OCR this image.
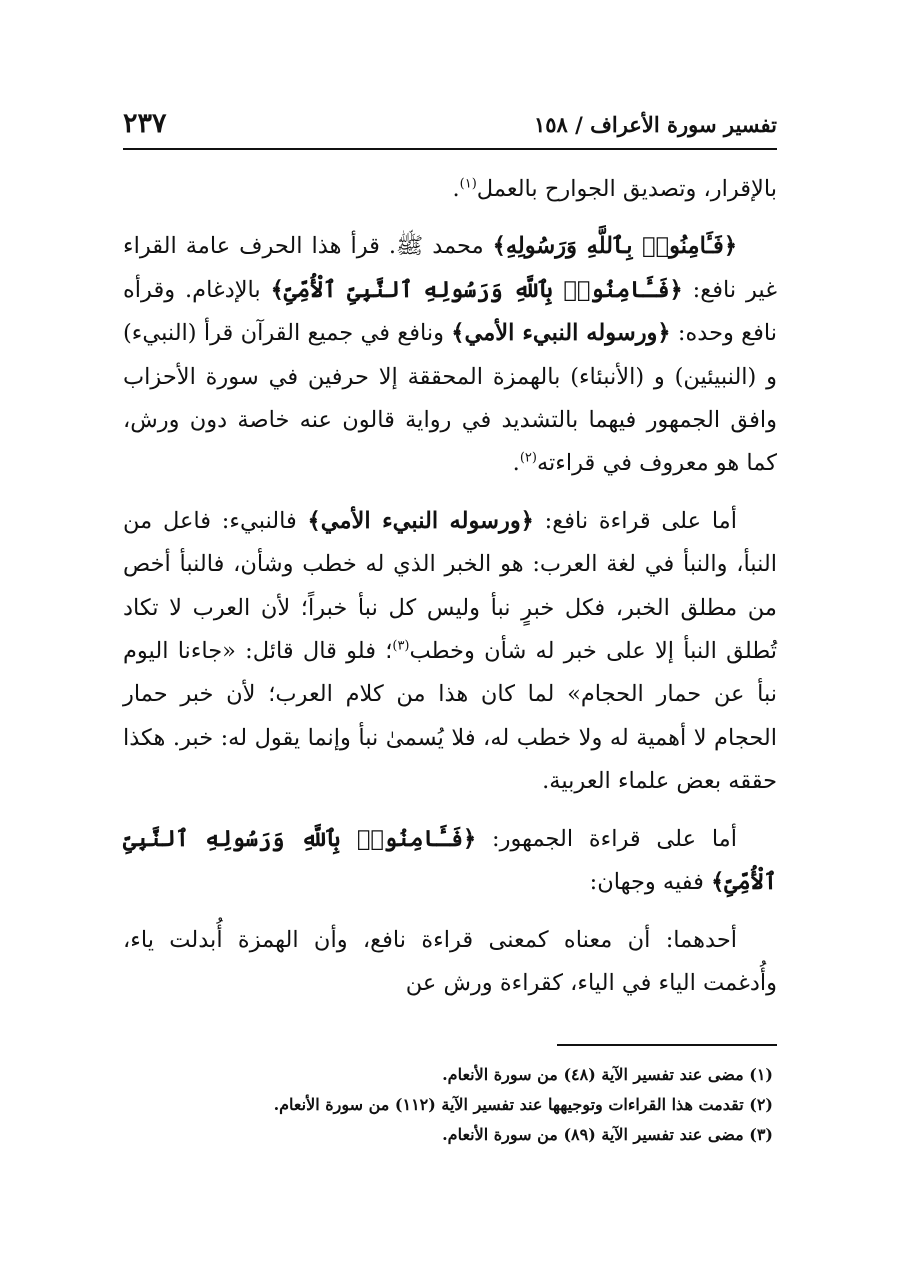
تفسير سورة الأعراف / ١٥٨
٢٣٧

بالإقرار، وتصديق الجوارح بالعمل$^{(١)}$.

﴿فَـَٔامِنُوا۟ بِٱللَّهِ وَرَسُولِهِ﴾ محمد ﷺ. قرأ هذا الحرف عامة القراء غير نافع: ﴿فَـَٔامِنُوا۟ بِٱللَّهِ وَرَسُولِهِ ٱلنَّبِىِّ ٱلْأُمِّىِّ﴾ بالإدغام. وقرأه نافع وحده: ﴿ورسوله النبيء الأمي﴾ ونافع في جميع القرآن قرأ (النبيء) و (النبيئين) و (الأنبئاء) بالهمزة المحققة إلا حرفين في سورة الأحزاب وافق الجمهور فيهما بالتشديد في رواية قالون عنه خاصة دون ورش، كما هو معروف في قراءته$^{(٢)}$.

أما على قراءة نافع: ﴿ورسوله النبيء الأمي﴾ فالنبيء: فاعل من النبأ، والنبأ في لغة العرب: هو الخبر الذي له خطب وشأن، فالنبأ أخص من مطلق الخبر، فكل خبرٍ نبأ وليس كل نبأ خبراً؛ لأن العرب لا تكاد تُطلق النبأ إلا على خبر له شأن وخطب$^{(٣)}$؛ فلو قال قائل: «جاءنا اليوم نبأ عن حمار الحجام» لما كان هذا من كلام العرب؛ لأن خبر حمار الحجام لا أهمية له ولا خطب له، فلا يُسمىٰ نبأ وإنما يقول له: خبر. هكذا حققه بعض علماء العربية.

أما على قراءة الجمهور: ﴿فَـَٔامِنُوا۟ بِٱللَّهِ وَرَسُولِهِ ٱلنَّبِىِّ ٱلْأُمِّىِّ﴾ ففيه وجهان:

أحدهما: أن معناه كمعنى قراءة نافع، وأن الهمزة أُبدلت ياء، وأُدغمت الياء في الياء، كقراءة ورش عن

(١) مضى عند تفسير الآية (٤٨) من سورة الأنعام.
(٢) تقدمت هذا القراءات وتوجيهها عند تفسير الآية (١١٢) من سورة الأنعام.
(٣) مضى عند تفسير الآية (٨٩) من سورة الأنعام.
